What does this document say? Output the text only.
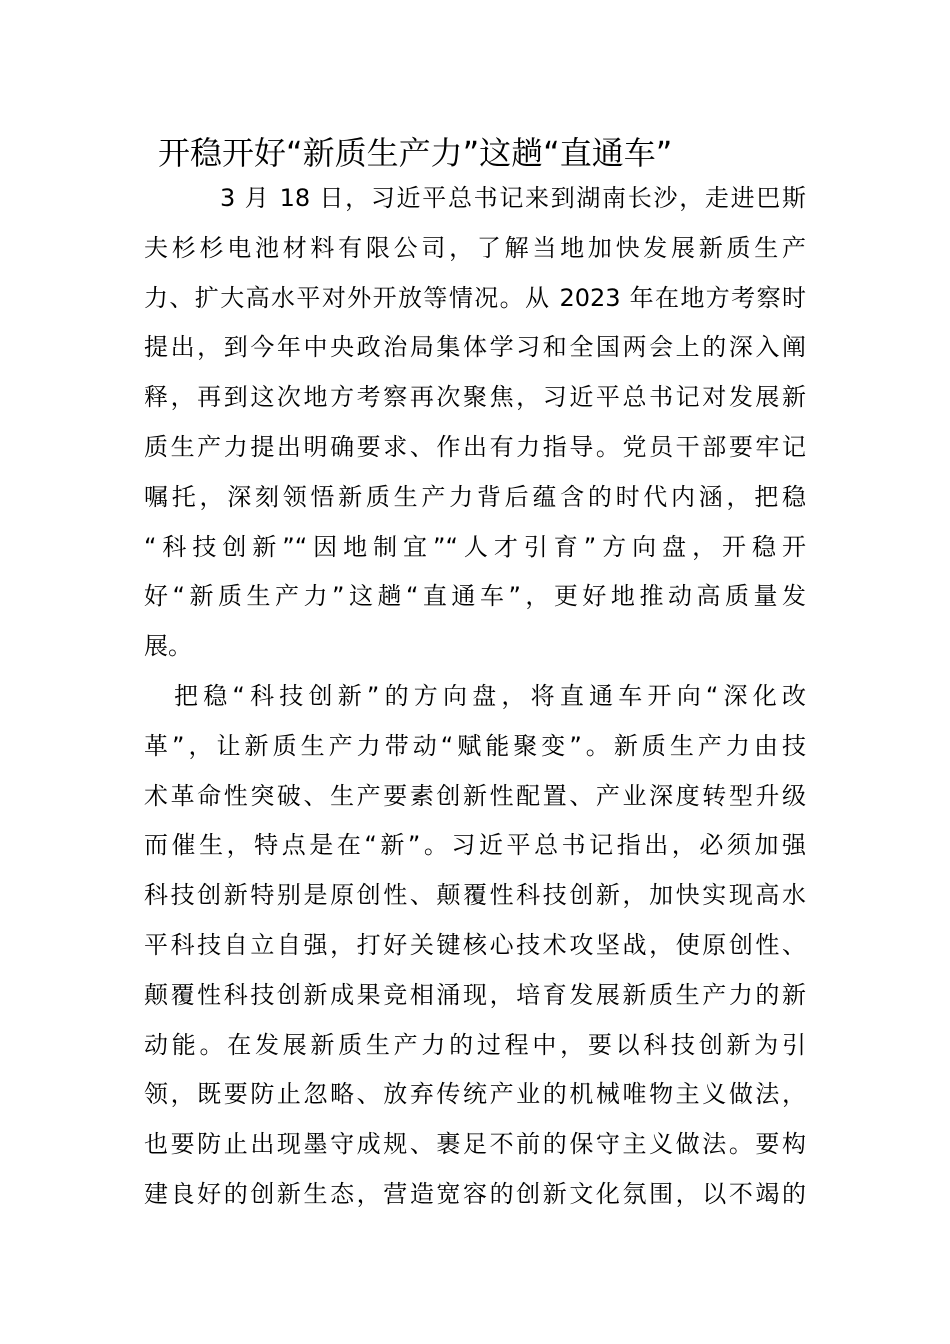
开稳开好“新质生产力”这趟“直通车”
3 月 18 日，习近平总书记来到湖南长沙，走进巴斯
夫杉杉电池材料有限公司，了解当地加快发展新质生产
力、扩大高水平对外开放等情况。从 2023 年在地方考察时
提出，到今年中央政治局集体学习和全国两会上的深入阐
释，再到这次地方考察再次聚焦，习近平总书记对发展新
质生产力提出明确要求、作出有力指导。党员干部要牢记
嘱托，深刻领悟新质生产力背后蕴含的时代内涵，把稳
“科技创新”“因地制宜”“人才引育”方向盘，开稳开
好“新质生产力”这趟“直通车”，更好地推动高质量发
展。
把稳“科技创新”的方向盘，将直通车开向“深化改
革”，让新质生产力带动“赋能聚变”。新质生产力由技
术革命性突破、生产要素创新性配置、产业深度转型升级
而催生，特点是在“新”。习近平总书记指出，必须加强
科技创新特别是原创性、颠覆性科技创新，加快实现高水
平科技自立自强，打好关键核心技术攻坚战，使原创性、
颠覆性科技创新成果竞相涌现，培育发展新质生产力的新
动能。在发展新质生产力的过程中，要以科技创新为引
领，既要防止忽略、放弃传统产业的机械唯物主义做法，
也要防止出现墨守成规、裹足不前的保守主义做法。要构
建良好的创新生态，营造宽容的创新文化氛围，以不竭的
